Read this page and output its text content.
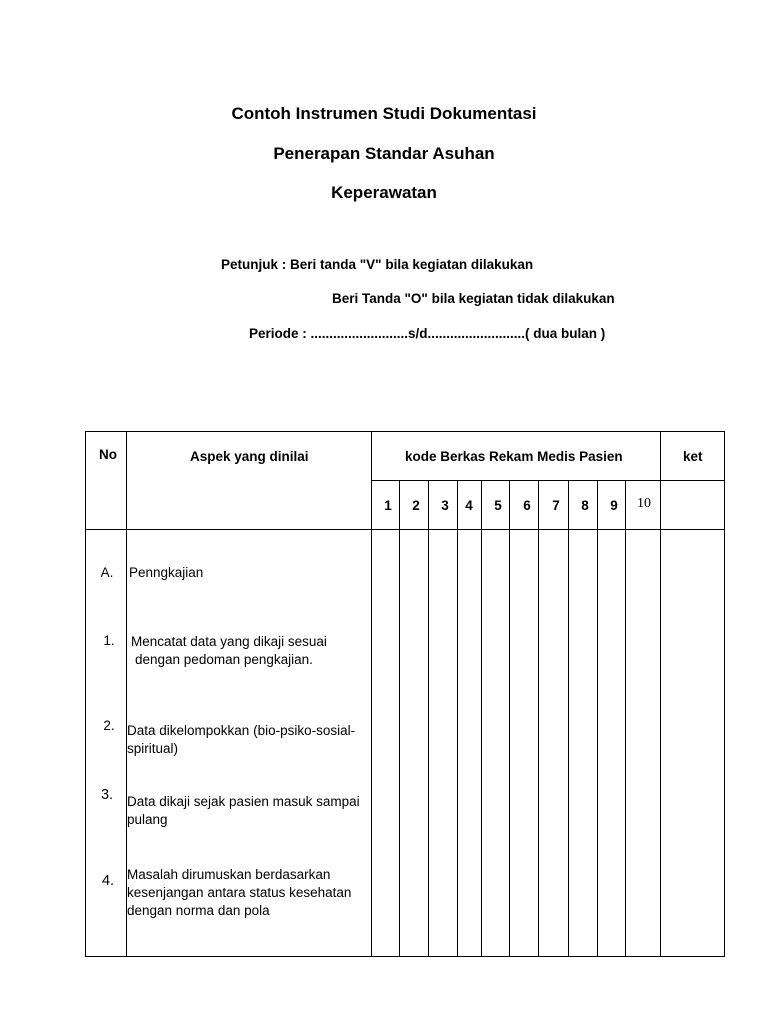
Contoh Instrumen Studi Dokumentasi
Penerapan Standar Asuhan
Keperawatan
Petunjuk : Beri tanda "V" bila kegiatan dilakukan
Beri Tanda "O" bila kegiatan tidak dilakukan
Periode : ..........................s/d..........................( dua bulan )
No	Aspek yang dinilai	kode Berkas Rekam Medis Pasien	ket
1	2	3	4	5	6	7	8	9	10
A.	Penngkajian
1.	Mencatat data yang dikaji sesuai
dengan pedoman pengkajian.
2. Data dikelompokkan (bio-psiko-sosial-
spiritual)
3.	Data dikaji sejak pasien masuk sampai
pulang
4. Masalah dirumuskan berdasarkan
kesenjangan antara status kesehatan
dengan norma dan pola
